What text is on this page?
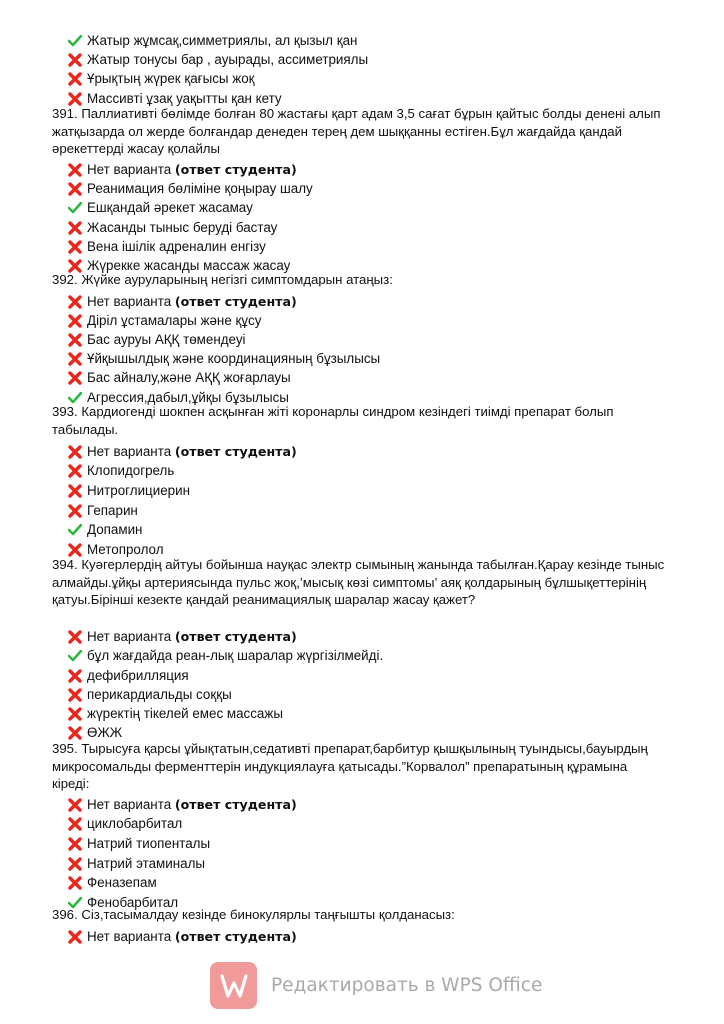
Жатыр жұмсақ,симметриялы, ал қызыл қан
Жатыр тонусы бар , ауырады, ассиметриялы
Ұрықтың жүрек қағысы жоқ
Массивті ұзақ уақытты қан кету
391. Паллиативті бөлімде болған 80 жастағы қарт адам 3,5 сағат бұрын қайтыс болды денені алып жатқызарда ол жерде болғандар денеден терең дем шыққанны естіген.Бұл жағдайда қандай әрекеттерді жасау қолайлы
Нет варианта (ответ студента)
Реанимация бөліміне қоңырау шалу
Ешқандай әрекет жасамау
Жасанды тыныс беруді бастау
Вена ішілік адреналин енгізу
Жүрекке жасанды массаж жасау
392. Жүйке ауруларының негізгі симптомдарын атаңыз:
Нет варианта (ответ студента)
Діріл ұстамалары және құсу
Бас ауруы АҚҚ төмендеуі
Ұйқышылдық және координацияның бұзылысы
Бас айналу,және АҚҚ жоғарлауы
Агрессия,дабыл,ұйқы бұзылысы
393. Кардиогенді шокпен асқынған жіті коронарлы синдром кезіндегі тиімді препарат болып табылады.
Нет варианта (ответ студента)
Клопидогрель
Нитроглициерин
Гепарин
Допамин
Метопролол
394. Куәгерлердің айтуы бойынша науқас электр сымының жанында табылған.Қарау кезінде тыныс алмайды.ұйқы артериясында пульс жоқ,’мысық көзі симптомы’ аяқ қолдарының бұлшықеттерінің қатуы.Бірінші кезекте қандай реанимациялық шаралар жасау қажет?
Нет варианта (ответ студента)
бұл жағдайда реан-лық шаралар жүргізілмейді.
дефибрилляция
перикардиальды соққы
жүректің тікелей емес массажы
ӨЖЖ
395. Тырысуға қарсы ұйықтатын,седативті препарат,барбитур қышқылының туындысы,бауырдың микросомальды ферменттерін индукциялауға қатысады.”Корвалол” препаратының құрамына кіреді:
Нет варианта (ответ студента)
циклобарбитал
Натрий тиопенталы
Натрий этаминалы
Феназепам
Фенобарбитал
396. Сіз,тасымалдау кезінде бинокулярлы таңғышты қолданасыз:
Нет варианта (ответ студента)
Редактировать в WPS Office
